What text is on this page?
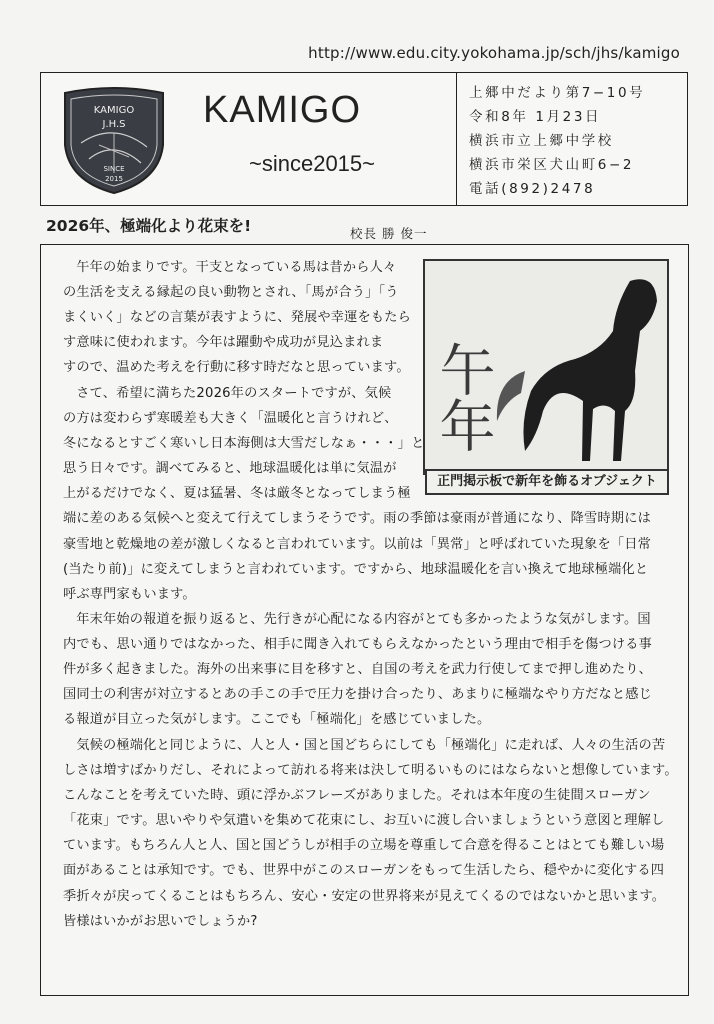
http://www.edu.city.yokohama.jp/sch/jhs/kamigo
KAMIGO
J.H.S
SINCE
2015
KAMIGO
~since2015~
上郷中だより第7−10号
令和8年 1月23日
横浜市立上郷中学校
横浜市栄区犬山町6−2
電話(892)2478
2026年、極端化より花束を!	校長 勝 俊一
午年
正門掲示板で新年を飾るオブジェクト
午年の始まりです。干支となっている馬は昔から人々
の生活を支える縁起の良い動物とされ、「馬が合う」「う
まくいく」などの言葉が表すように、発展や幸運をもたら
す意味に使われます。今年は躍動や成功が見込まれま
すので、温めた考えを行動に移す時だなと思っています。
さて、希望に満ちた2026年のスタートですが、気候
の方は変わらず寒暖差も大きく「温暖化と言うけれど、
冬になるとすごく寒いし日本海側は大雪だしなぁ・・・」と
思う日々です。調べてみると、地球温暖化は単に気温が
上がるだけでなく、夏は猛暑、冬は厳冬となってしまう極
端に差のある気候へと変えて行えてしまうそうです。雨の季節は豪雨が普通になり、降雪時期には
豪雪地と乾燥地の差が激しくなると言われています。以前は「異常」と呼ばれていた現象を「日常
(当たり前)」に変えてしまうと言われています。ですから、地球温暖化を言い換えて地球極端化と
呼ぶ専門家もいます。
年末年始の報道を振り返ると、先行きが心配になる内容がとても多かったような気がします。国
内でも、思い通りではなかった、相手に聞き入れてもらえなかったという理由で相手を傷つける事
件が多く起きました。海外の出来事に目を移すと、自国の考えを武力行使してまで押し進めたり、
国同士の利害が対立するとあの手この手で圧力を掛け合ったり、あまりに極端なやり方だなと感じ
る報道が目立った気がします。ここでも「極端化」を感じていました。
気候の極端化と同じように、人と人・国と国どちらにしても「極端化」に走れば、人々の生活の苦
しさは増すばかりだし、それによって訪れる将来は決して明るいものにはならないと想像しています。
こんなことを考えていた時、頭に浮かぶフレーズがありました。それは本年度の生徒間スローガン
「花束」です。思いやりや気遣いを集めて花束にし、お互いに渡し合いましょうという意図と理解し
ています。もちろん人と人、国と国どうしが相手の立場を尊重して合意を得ることはとても難しい場
面があることは承知です。でも、世界中がこのスローガンをもって生活したら、穏やかに変化する四
季折々が戻ってくることはもちろん、安心・安定の世界将来が見えてくるのではないかと思います。
皆様はいかがお思いでしょうか?
